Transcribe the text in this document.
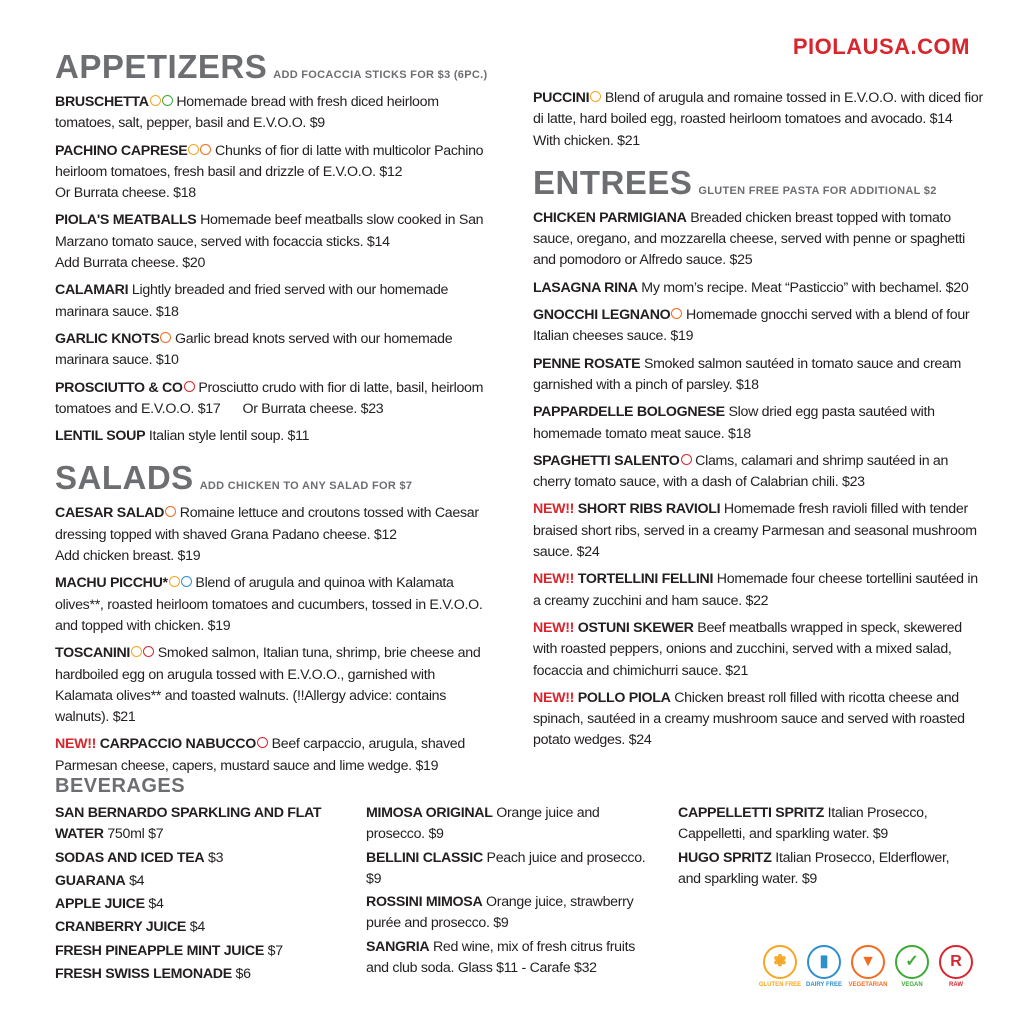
PIOLAUSA.COM
APPETIZERS ADD FOCACCIA STICKS FOR $3 (6PC.)

BRUSCHETTA Homemade bread with fresh diced heirloom tomatoes, salt, pepper, basil and E.V.O.O. $9

PACHINO CAPRESE Chunks of fior di latte with multicolor Pachino heirloom tomatoes, fresh basil and drizzle of E.V.O.O. $12
Or Burrata cheese. $18

PIOLA'S MEATBALLS Homemade beef meatballs slow cooked in San Marzano tomato sauce, served with focaccia sticks. $14
Add Burrata cheese. $20

CALAMARI Lightly breaded and fried served with our homemade marinara sauce. $18

GARLIC KNOTS Garlic bread knots served with our homemade marinara sauce. $10

PROSCIUTTO & CO Prosciutto crudo with fior di latte, basil, heirloom tomatoes and E.V.O.O. $17 Or Burrata cheese. $23

LENTIL SOUP Italian style lentil soup. $11

SALADS ADD CHICKEN TO ANY SALAD FOR $7

CAESAR SALAD Romaine lettuce and croutons tossed with Caesar dressing topped with shaved Grana Padano cheese. $12
Add chicken breast. $19

MACHU PICCHU* Blend of arugula and quinoa with Kalamata olives**, roasted heirloom tomatoes and cucumbers, tossed in E.V.O.O. and topped with chicken. $19

TOSCANINI Smoked salmon, Italian tuna, shrimp, brie cheese and hardboiled egg on arugula tossed with E.V.O.O., garnished with Kalamata olives** and toasted walnuts. (!!Allergy advice: contains walnuts). $21

NEW!! CARPACCIO NABUCCO Beef carpaccio, arugula, shaved Parmesan cheese, capers, mustard sauce and lime wedge. $19

PUCCINI Blend of arugula and romaine tossed in E.V.O.O. with diced fior di latte, hard boiled egg, roasted heirloom tomatoes and avocado. $14With chicken. $21

ENTREES GLUTEN FREE PASTA FOR ADDITIONAL $2

CHICKEN PARMIGIANA Breaded chicken breast topped with tomato sauce, oregano, and mozzarella cheese, served with penne or spaghetti and pomodoro or Alfredo sauce. $25

LASAGNA RINA My mom’s recipe. Meat “Pasticcio” with bechamel. $20

GNOCCHI LEGNANO Homemade gnocchi served with a blend of four Italian cheeses sauce. $19

PENNE ROSATE Smoked salmon sautéed in tomato sauce and cream garnished with a pinch of parsley. $18

PAPPARDELLE BOLOGNESE Slow dried egg pasta sautéed with homemade tomato meat sauce. $18

SPAGHETTI SALENTO Clams, calamari and shrimp sautéed in an cherry tomato sauce, with a dash of Calabrian chili. $23

NEW!! SHORT RIBS RAVIOLI Homemade fresh ravioli filled with tender braised short ribs, served in a creamy Parmesan and seasonal mushroom sauce. $24

NEW!! TORTELLINI FELLINI Homemade four cheese tortellini sautéed in a creamy zucchini and ham sauce. $22

NEW!! OSTUNI SKEWER Beef meatballs wrapped in speck, skewered with roasted peppers, onions and zucchini, served with a mixed salad, focaccia and chimichurri sauce. $21

NEW!! POLLO PIOLA Chicken breast roll filled with ricotta cheese and spinach, sautéed in a creamy mushroom sauce and served with roasted potato wedges. $24

BEVERAGES

SAN BERNARDO SPARKLING AND FLAT WATER 750ml $7

SODAS AND ICED TEA $3

GUARANA $4

APPLE JUICE $4

CRANBERRY JUICE $4

FRESH PINEAPPLE MINT JUICE $7

FRESH SWISS LEMONADE $6

MIMOSA ORIGINAL Orange juice and prosecco. $9

BELLINI CLASSIC Peach juice and prosecco. $9

ROSSINI MIMOSA Orange juice, strawberry purée and prosecco. $9

SANGRIA Red wine, mix of fresh citrus fruits and club soda. Glass $11 - Carafe $32

CAPPELLETTI SPRITZ Italian Prosecco, Cappelletti, and sparkling water. $9

HUGO SPRITZ Italian Prosecco, Elderflower, and sparkling water. $9

❃
GLUTEN FREE
▮
DAIRY FREE
▼
VEGETARIAN
✓
VEGAN
R
RAW
